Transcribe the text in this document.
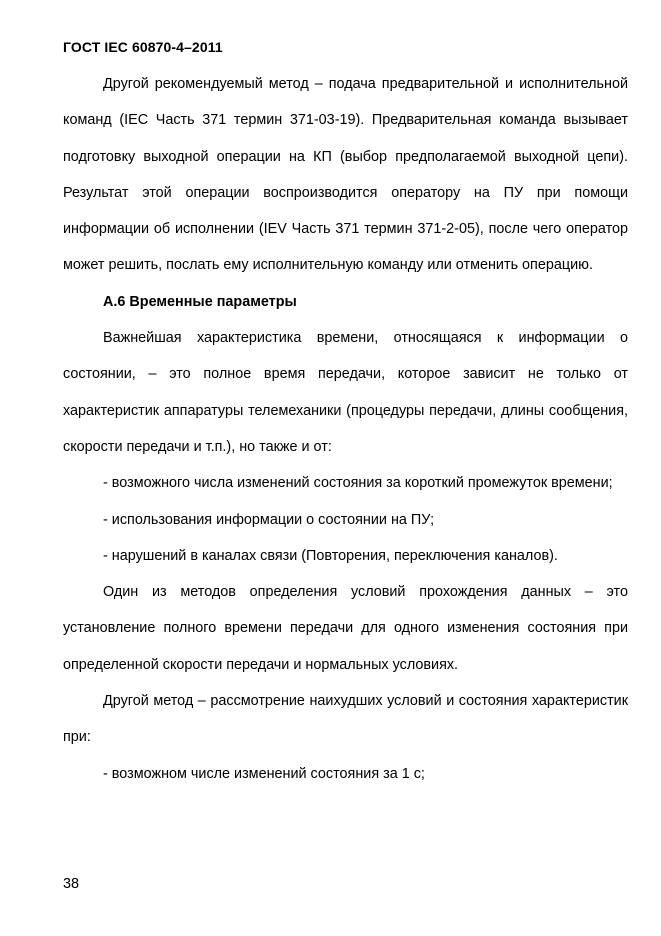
ГОСТ IEC 60870-4–2011

Другой рекомендуемый метод – подача предварительной и исполнительной команд (IEC Часть 371 термин 371-03-19). Предварительная команда вызывает подготовку выходной операции на КП (выбор предполагаемой выходной цепи). Результат этой операции воспроизводится оператору на ПУ при помощи информации об исполнении (IEV Часть 371 термин 371-2-05), после чего оператор может решить, послать ему исполнительную команду или отменить операцию.

А.6 Временные параметры

Важнейшая характеристика времени, относящаяся к информации о состоянии, – это полное время передачи, которое зависит не только от характеристик аппаратуры телемеханики (процедуры передачи, длины сообщения, скорости передачи и т.п.), но также и от:

- возможного числа изменений состояния за короткий промежуток времени;

- использования информации о состоянии на ПУ;

- нарушений в каналах связи (Повторения, переключения каналов).

Один из методов определения условий прохождения данных – это установление полного времени передачи для одного изменения состояния при определенной скорости передачи и нормальных условиях.

Другой метод – рассмотрение наихудших условий и состояния характеристик при:

- возможном числе изменений состояния за 1 с;

38
